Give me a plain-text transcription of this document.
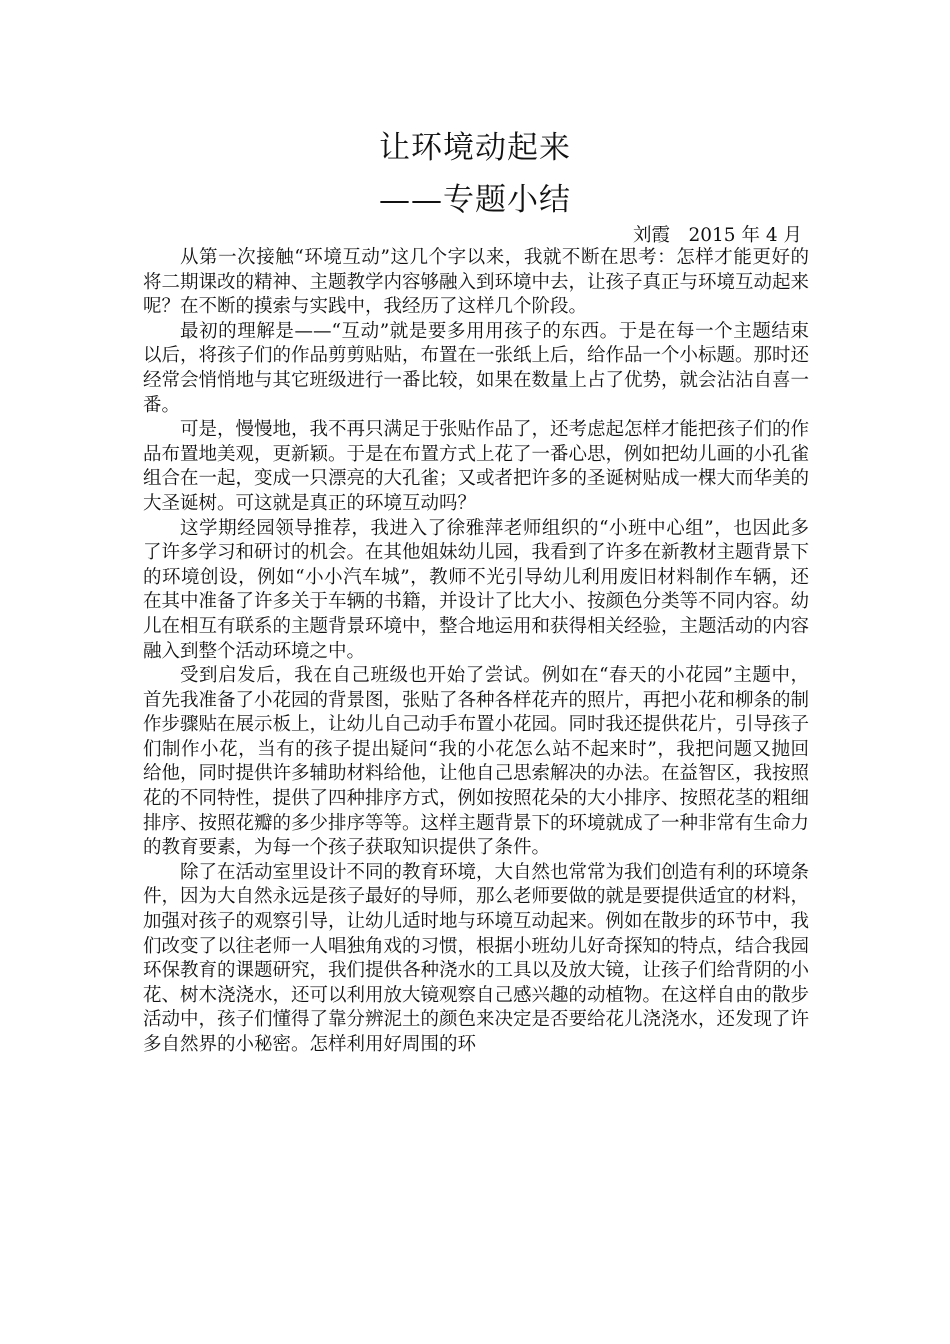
让环境动起来
——专题小结
刘霞　2015 年 4 月

从第一次接触“环境互动”这几个字以来，我就不断在思考：怎样才能更好的将二期课改的精神、主题教学内容够融入到环境中去，让孩子真正与环境互动起来呢？在不断的摸索与实践中，我经历了这样几个阶段。

最初的理解是——“互动”就是要多用用孩子的东西。于是在每一个主题结束以后，将孩子们的作品剪剪贴贴，布置在一张纸上后，给作品一个小标题。那时还经常会悄悄地与其它班级进行一番比较，如果在数量上占了优势，就会沾沾自喜一番。

可是，慢慢地，我不再只满足于张贴作品了，还考虑起怎样才能把孩子们的作品布置地美观，更新颖。于是在布置方式上花了一番心思，例如把幼儿画的小孔雀组合在一起，变成一只漂亮的大孔雀；又或者把许多的圣诞树贴成一棵大而华美的大圣诞树。可这就是真正的环境互动吗？

这学期经园领导推荐，我进入了徐雅萍老师组织的“小班中心组”，也因此多了许多学习和研讨的机会。在其他姐妹幼儿园，我看到了许多在新教材主题背景下的环境创设，例如“小小汽车城”，教师不光引导幼儿利用废旧材料制作车辆，还在其中准备了许多关于车辆的书籍，并设计了比大小、按颜色分类等不同内容。幼儿在相互有联系的主题背景环境中，整合地运用和获得相关经验，主题活动的内容融入到整个活动环境之中。

受到启发后，我在自己班级也开始了尝试。例如在“春天的小花园”主题中，首先我准备了小花园的背景图，张贴了各种各样花卉的照片，再把小花和柳条的制作步骤贴在展示板上，让幼儿自己动手布置小花园。同时我还提供花片，引导孩子们制作小花，当有的孩子提出疑问“我的小花怎么站不起来时”，我把问题又抛回给他，同时提供许多辅助材料给他，让他自己思索解决的办法。在益智区，我按照花的不同特性，提供了四种排序方式，例如按照花朵的大小排序、按照花茎的粗细排序、按照花瓣的多少排序等等。这样主题背景下的环境就成了一种非常有生命力的教育要素，为每一个孩子获取知识提供了条件。

除了在活动室里设计不同的教育环境，大自然也常常为我们创造有利的环境条件，因为大自然永远是孩子最好的导师，那么老师要做的就是要提供适宜的材料，加强对孩子的观察引导，让幼儿适时地与环境互动起来。例如在散步的环节中，我们改变了以往老师一人唱独角戏的习惯，根据小班幼儿好奇探知的特点，结合我园环保教育的课题研究，我们提供各种浇水的工具以及放大镜，让孩子们给背阴的小花、树木浇浇水，还可以利用放大镜观察自己感兴趣的动植物。在这样自由的散步活动中，孩子们懂得了靠分辨泥土的颜色来决定是否要给花儿浇浇水，还发现了许多自然界的小秘密。怎样利用好周围的环
